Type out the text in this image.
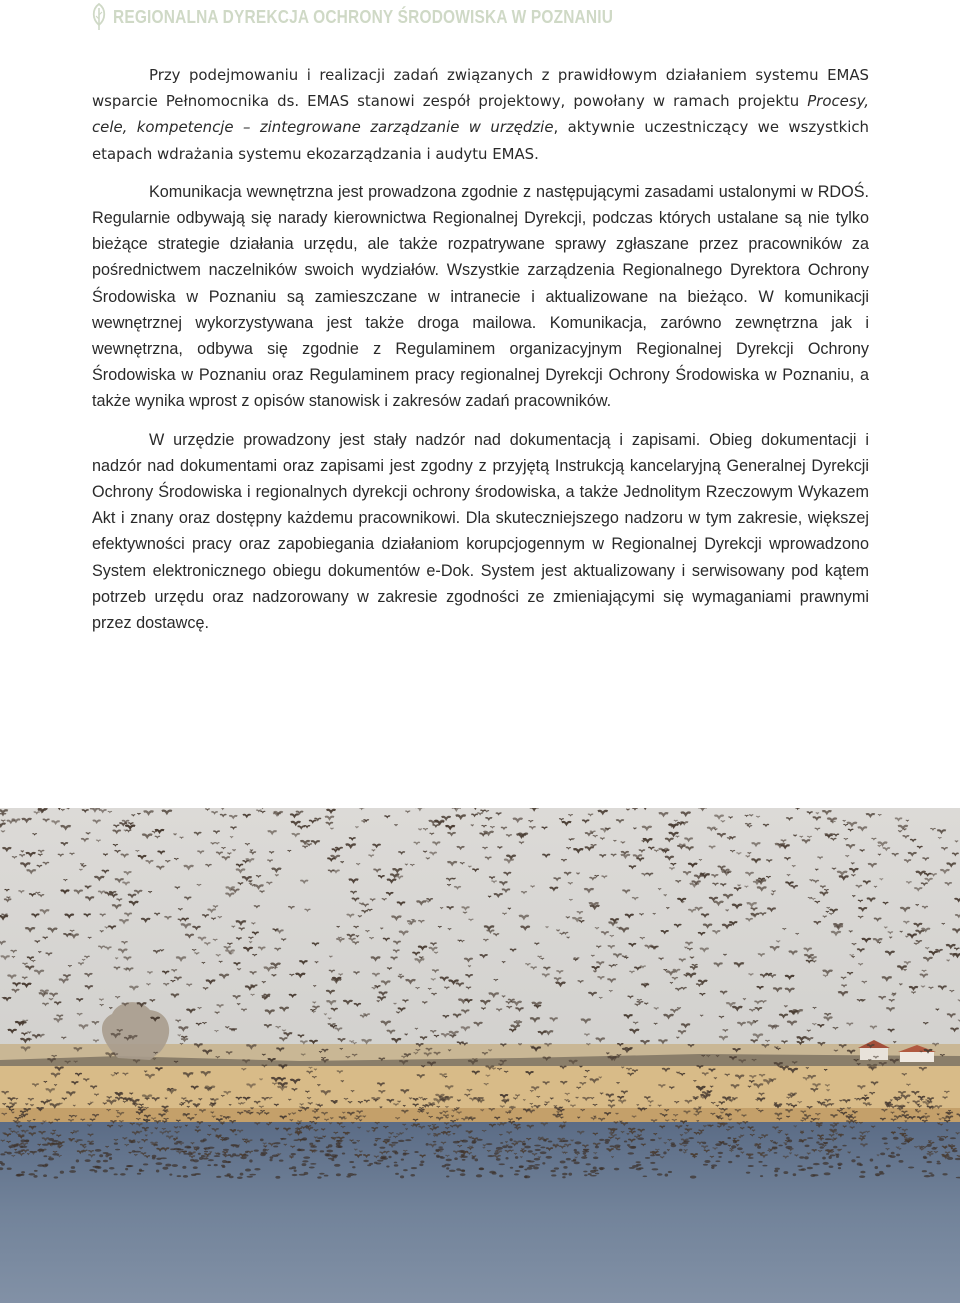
REGIONALNA DYREKCJA OCHRONY ŚRODOWISKA W POZNANIU

Przy podejmowaniu i realizacji zadań związanych z prawidłowym działaniem systemu EMAS wsparcie Pełnomocnika ds. EMAS stanowi zespół projektowy, powołany w ramach projektu Procesy, cele, kompetencje – zintegrowane zarządzanie w urzędzie, aktywnie uczestniczący we wszystkich etapach wdrażania systemu ekozarządzania i audytu EMAS.

Komunikacja wewnętrzna jest prowadzona zgodnie z następującymi zasadami ustalonymi w RDOŚ. Regularnie odbywają się narady kierownictwa Regionalnej Dyrekcji, podczas których ustalane są nie tylko bieżące strategie działania urzędu, ale także rozpatrywane sprawy zgłaszane przez pracowników za pośrednictwem naczelników swoich wydziałów. Wszystkie zarządzenia Regionalnego Dyrektora Ochrony Środowiska w Poznaniu są zamieszczane w intranecie i aktualizowane na bieżąco. W komunikacji wewnętrznej wykorzystywana jest także droga mailowa. Komunikacja, zarówno zewnętrzna jak i wewnętrzna, odbywa się zgodnie z Regulaminem organizacyjnym Regionalnej Dyrekcji Ochrony Środowiska w Poznaniu oraz Regulaminem pracy regionalnej Dyrekcji Ochrony Środowiska w Poznaniu, a także wynika wprost z opisów stanowisk i zakresów zadań pracowników.

W urzędzie prowadzony jest stały nadzór nad dokumentacją i zapisami. Obieg dokumentacji i nadzór nad dokumentami oraz zapisami jest zgodny z przyjętą Instrukcją kancelaryjną Generalnej Dyrekcji Ochrony Środowiska i regionalnych dyrekcji ochrony środowiska, a także Jednolitym Rzeczowym Wykazem Akt i znany oraz dostępny każdemu pracownikowi. Dla skuteczniejszego nadzoru w tym zakresie, większej efektywności pracy oraz zapobiegania działaniom korupcjogennym w Regionalnej Dyrekcji wprowadzono System elektronicznego obiegu dokumentów e-Dok. System jest aktualizowany i serwisowany pod kątem potrzeb urzędu oraz nadzorowany w zakresie zgodności ze zmieniającymi się wymaganiami prawnymi przez dostawcę.
